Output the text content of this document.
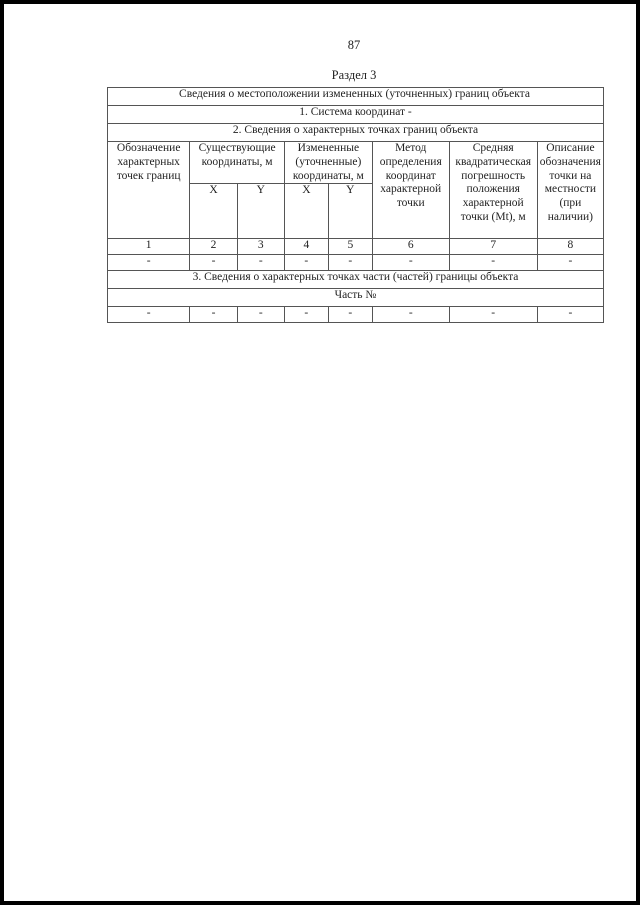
87
Раздел 3
Сведения о местоположении измененных (уточненных) границ объекта							
1. Система координат -							
2. Сведения о характерных точках границ объекта							
Обозначение характерных точек границ	Существующие координаты, м		Измененные (уточненные) координаты, м		Метод определения координат характерной точки	Средняя квадратическая погрешность положения характерной точки (Mt), м	Описание обозначения точки на местности (при наличии)
	X	Y	X	Y			
1	2	3	4	5	6	7	8
-	-	-	-	-	-	-	-
3. Сведения о характерных точках части (частей) границы объекта							
Часть №							
-	-	-	-	-	-	-	-
